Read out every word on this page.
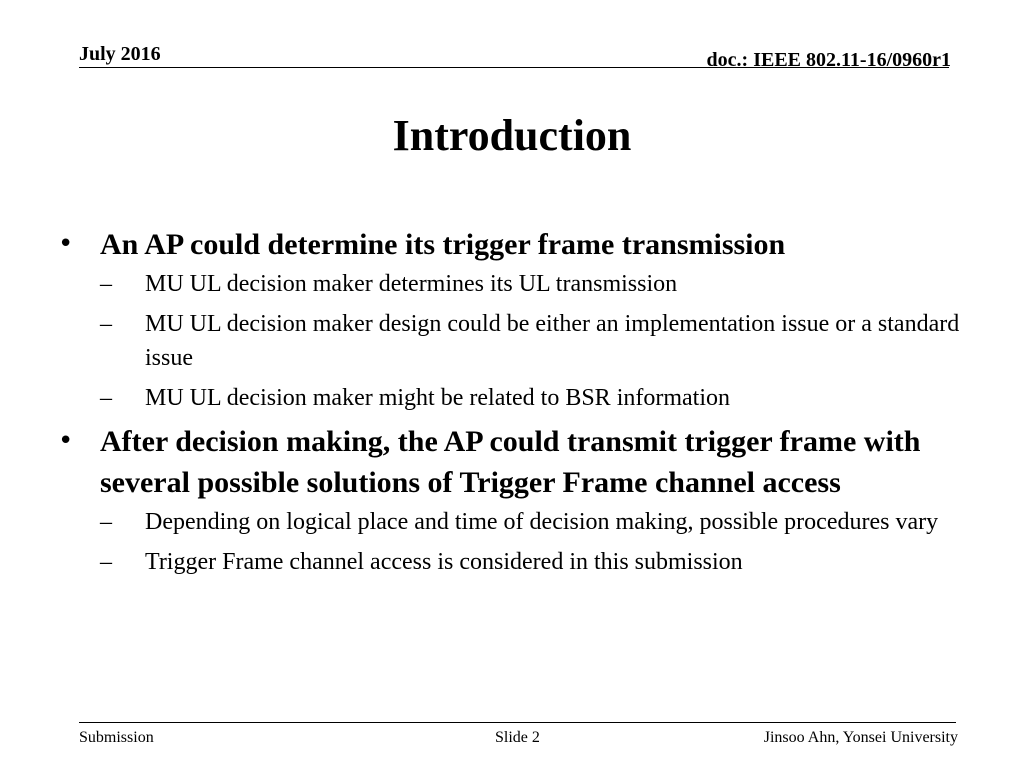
July 2016	doc.: IEEE 802.11-16/0960r1
Introduction
• An AP could determine its trigger frame transmission
–	MU UL decision maker determines its UL transmission
–	MU UL decision maker design could be either an implementation issue or a standard issue
–	MU UL decision maker might be related to BSR information
• After decision making, the AP could transmit trigger frame with several possible solutions of Trigger Frame channel access
–	Depending on logical place and time of decision making, possible procedures vary
–	Trigger Frame channel access is considered in this submission
Submission	Slide 2	Jinsoo Ahn, Yonsei University
